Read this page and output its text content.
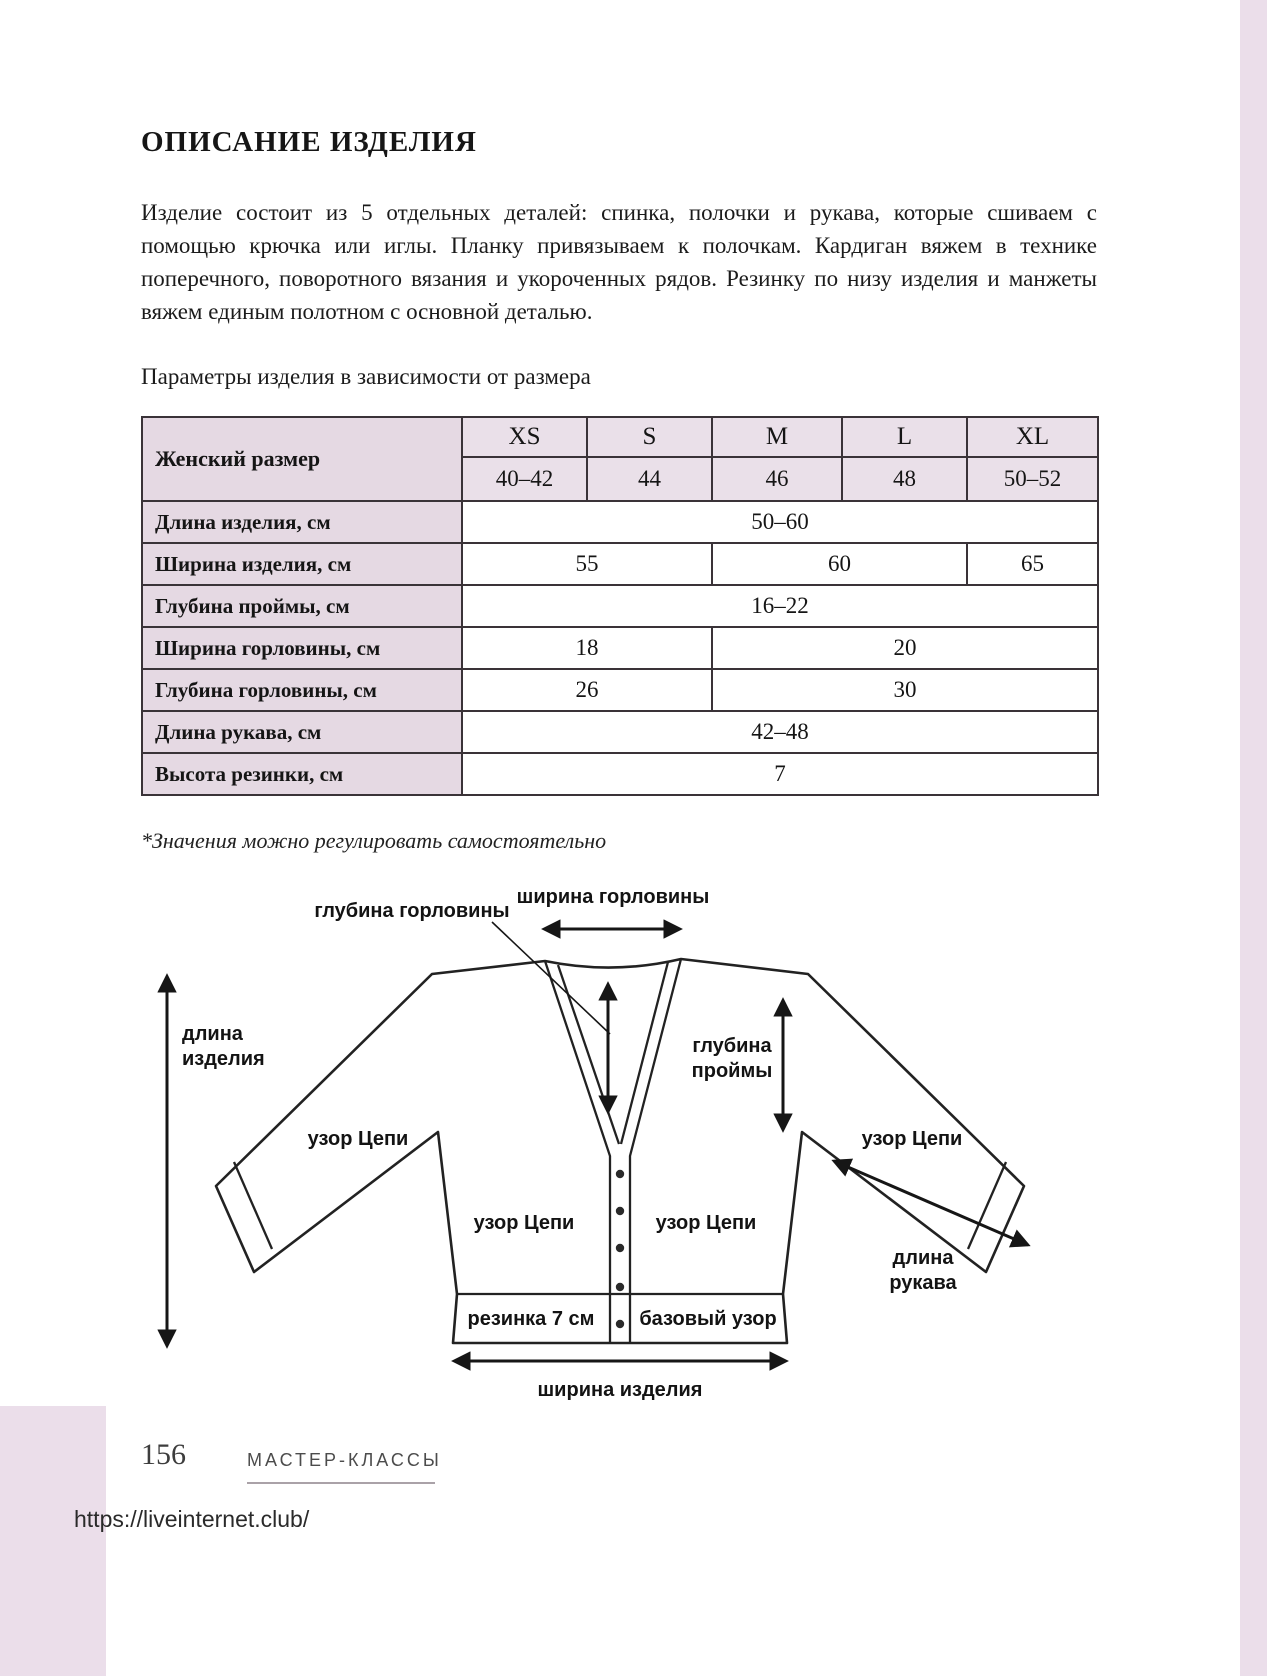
ОПИСАНИЕ ИЗДЕЛИЯ

Изделие состоит из 5 отдельных деталей: спинка, полочки и рукава, которые сшиваем с помощью крючка или иглы. Планку привязываем к полочкам. Кардиган вяжем в технике поперечного, поворотного вязания и укороченных рядов. Резинку по низу изделия и манжеты вяжем единым полотном с основной деталью.

Параметры изделия в зависимости от размера

Женский размер	XS	S	M	L	XL
	40–42	44	46	48	50–52
Длина изделия, см	50–60				
Ширина изделия, см	55		60		65
Глубина проймы, см	16–22				
Ширина горловины, см	18		20		
Глубина горловины, см	26		30		
Длина рукава, см	42–48				
Высота резинки, см	7				

*Значения можно регулировать самостоятельно

ширина горловины
глубина горловины
длина изделия
глубина проймы
длина рукава
узор Цепи	узор Цепи
узор Цепи	узор Цепи
резинка 7 см базовый узор
ширина изделия
156	МАСТЕР-КЛАССЫ
https://liveinternet.club/
